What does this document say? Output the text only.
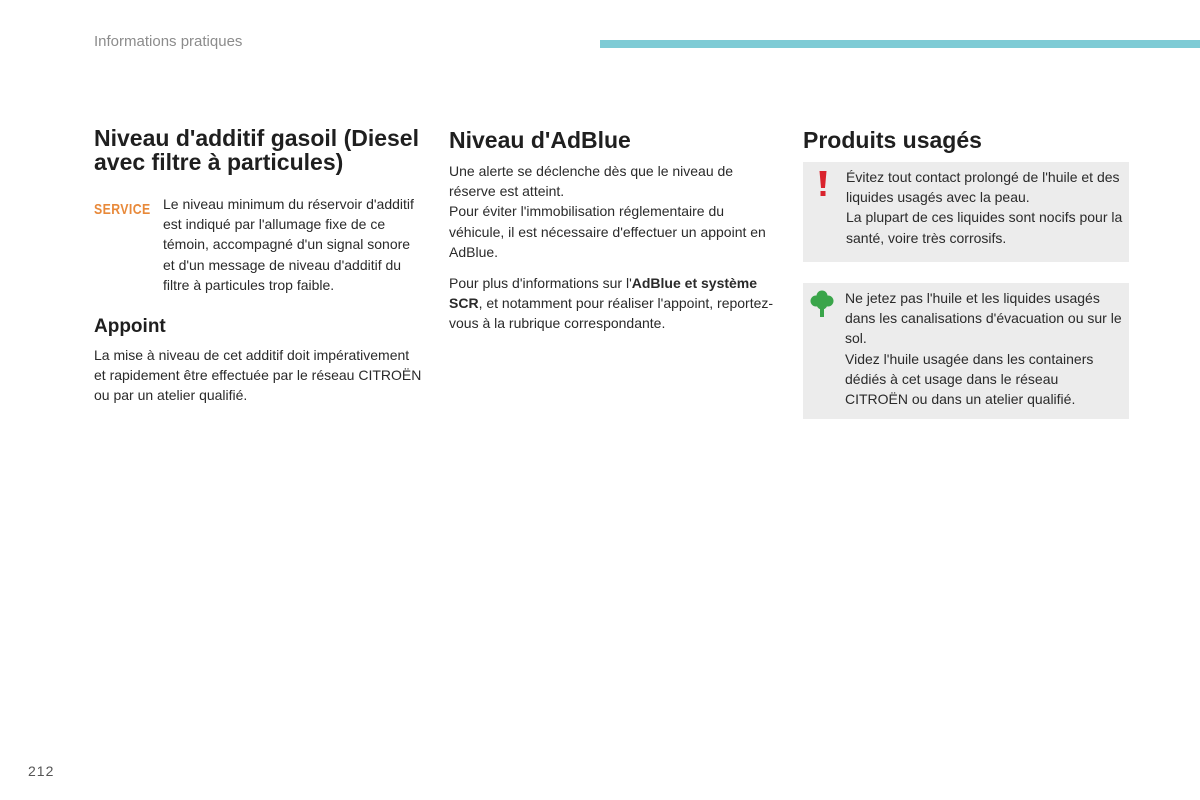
Informations pratiques
Niveau d'additif gasoil (Diesel avec filtre à particules)
SERVICE Le niveau minimum du réservoir d'additif est indiqué par l'allumage fixe de ce témoin, accompagné d'un signal sonore et d'un message de niveau d'additif du filtre à particules trop faible.

Appoint

La mise à niveau de cet additif doit impérativement et rapidement être effectuée par le réseau CITROËN ou par un atelier qualifié.

Niveau d'AdBlue

Une alerte se déclenche dès que le niveau de réserve est atteint.

Pour éviter l'immobilisation réglementaire du véhicule, il est nécessaire d'effectuer un appoint en AdBlue.

Pour plus d'informations sur l'AdBlue et système SCR, et notamment pour réaliser l'appoint, reportez-vous à la rubrique correspondante.

Produits usagés

Évitez tout contact prolongé de l'huile et des liquides usagés avec la peau.

La plupart de ces liquides sont nocifs pour la santé, voire très corrosifs.

Ne jetez pas l'huile et les liquides usagés dans les canalisations d'évacuation ou sur le sol.

Videz l'huile usagée dans les containers dédiés à cet usage dans le réseau CITROËN ou dans un atelier qualifié.

212
